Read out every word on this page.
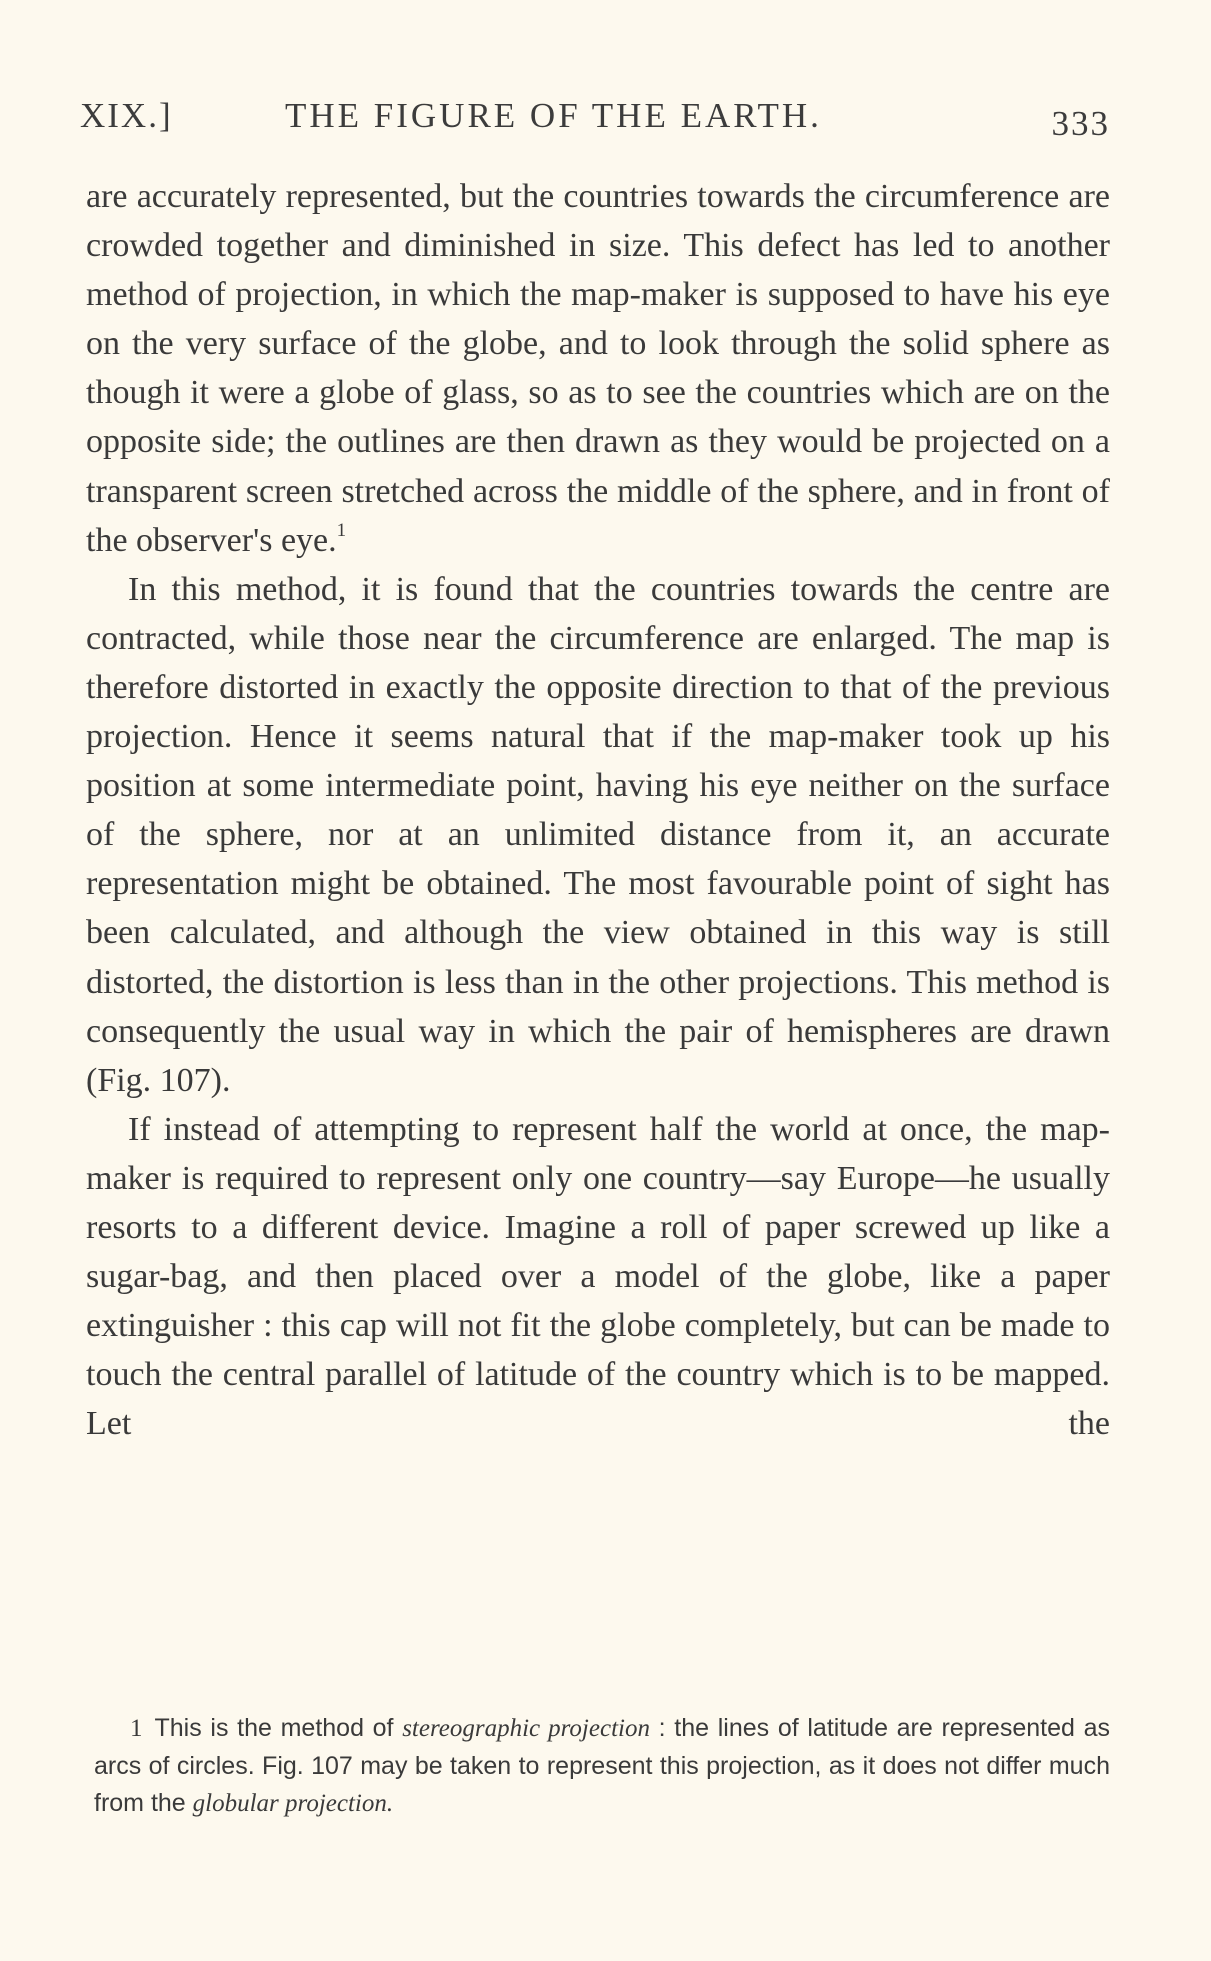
XIX.]	THE FIGURE OF THE EARTH.	333

are accurately represented, but the countries towards the circumference are crowded together and diminished in size. This defect has led to another method of projection, in which the map-maker is supposed to have his eye on the very surface of the globe, and to look through the solid sphere as though it were a globe of glass, so as to see the countries which are on the opposite side; the outlines are then drawn as they would be projected on a transparent screen stretched across the middle of the sphere, and in front of the observer's eye.$^1$

In this method, it is found that the countries towards the centre are contracted, while those near the circumference are enlarged. The map is therefore distorted in exactly the opposite direction to that of the previous projection. Hence it seems natural that if the map-maker took up his position at some intermediate point, having his eye neither on the surface of the sphere, nor at an unlimited distance from it, an accurate representation might be obtained. The most favourable point of sight has been calculated, and although the view obtained in this way is still distorted, the distortion is less than in the other projections. This method is consequently the usual way in which the pair of hemispheres are drawn (Fig. 107).

If instead of attempting to represent half the world at once, the map-maker is required to represent only one country—say Europe—he usually resorts to a different device. Imagine a roll of paper screwed up like a sugar-bag, and then placed over a model of the globe, like a paper extinguisher : this cap will not fit the globe completely, but can be made to touch the central parallel of latitude of the country which is to be mapped. Let the

1 This is the method of stereographic projection : the lines of latitude are represented as arcs of circles. Fig. 107 may be taken to represent this projection, as it does not differ much from the globular projection.
